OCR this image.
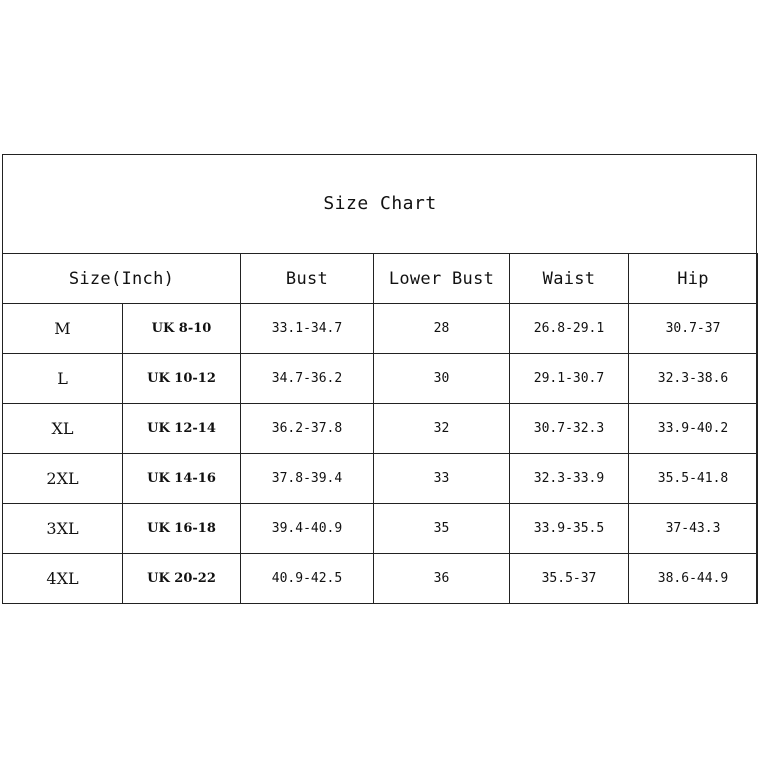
Size Chart					
Size(Inch)		Bust	Lower Bust	Waist	Hip
M	UK 8-10	33.1-34.7	28	26.8-29.1	30.7-37
L	UK 10-12	34.7-36.2	30	29.1-30.7	32.3-38.6
XL	UK 12-14	36.2-37.8	32	30.7-32.3	33.9-40.2
2XL	UK 14-16	37.8-39.4	33	32.3-33.9	35.5-41.8
3XL	UK 16-18	39.4-40.9	35	33.9-35.5	37-43.3
4XL	UK 20-22	40.9-42.5	36	35.5-37	38.6-44.9
